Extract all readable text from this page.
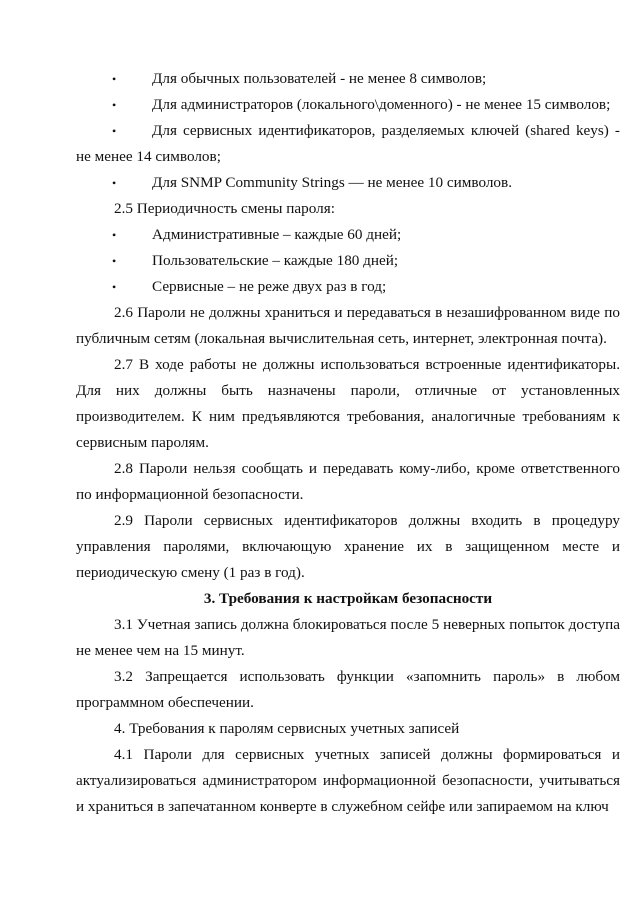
• Для обычных пользователей - не менее 8 символов;

• Для администраторов (локального\доменного) - не менее 15 символов;

• Для сервисных идентификаторов, разделяемых ключей (shared keys) - не менее 14 символов;

• Для SNMP Community Strings — не менее 10 символов.

2.5 Периодичность смены пароля:

• Административные – каждые 60 дней;

• Пользовательские – каждые 180 дней;

• Сервисные – не реже двух раз в год;

2.6 Пароли не должны храниться и передаваться в незашифрованном виде по публичным сетям (локальная вычислительная сеть, интернет, электронная почта).

2.7 В ходе работы не должны использоваться встроенные идентификаторы. Для них должны быть назначены пароли, отличные от установленных производителем. К ним предъявляются требования, аналогичные требованиям к сервисным паролям.

2.8 Пароли нельзя сообщать и передавать кому-либо, кроме ответственного по информационной безопасности.

2.9 Пароли сервисных идентификаторов должны входить в процедуру управления паролями, включающую хранение их в защищенном месте и периодическую смену (1 раз в год).

3. Требования к настройкам безопасности

3.1 Учетная запись должна блокироваться после 5 неверных попыток доступа не менее чем на 15 минут.

3.2 Запрещается использовать функции «запомнить пароль» в любом программном обеспечении.

4. Требования к паролям сервисных учетных записей

4.1 Пароли для сервисных учетных записей должны формироваться и актуализироваться администратором информационной безопасности, учитываться и храниться в запечатанном конверте в служебном сейфе или запираемом на ключ
